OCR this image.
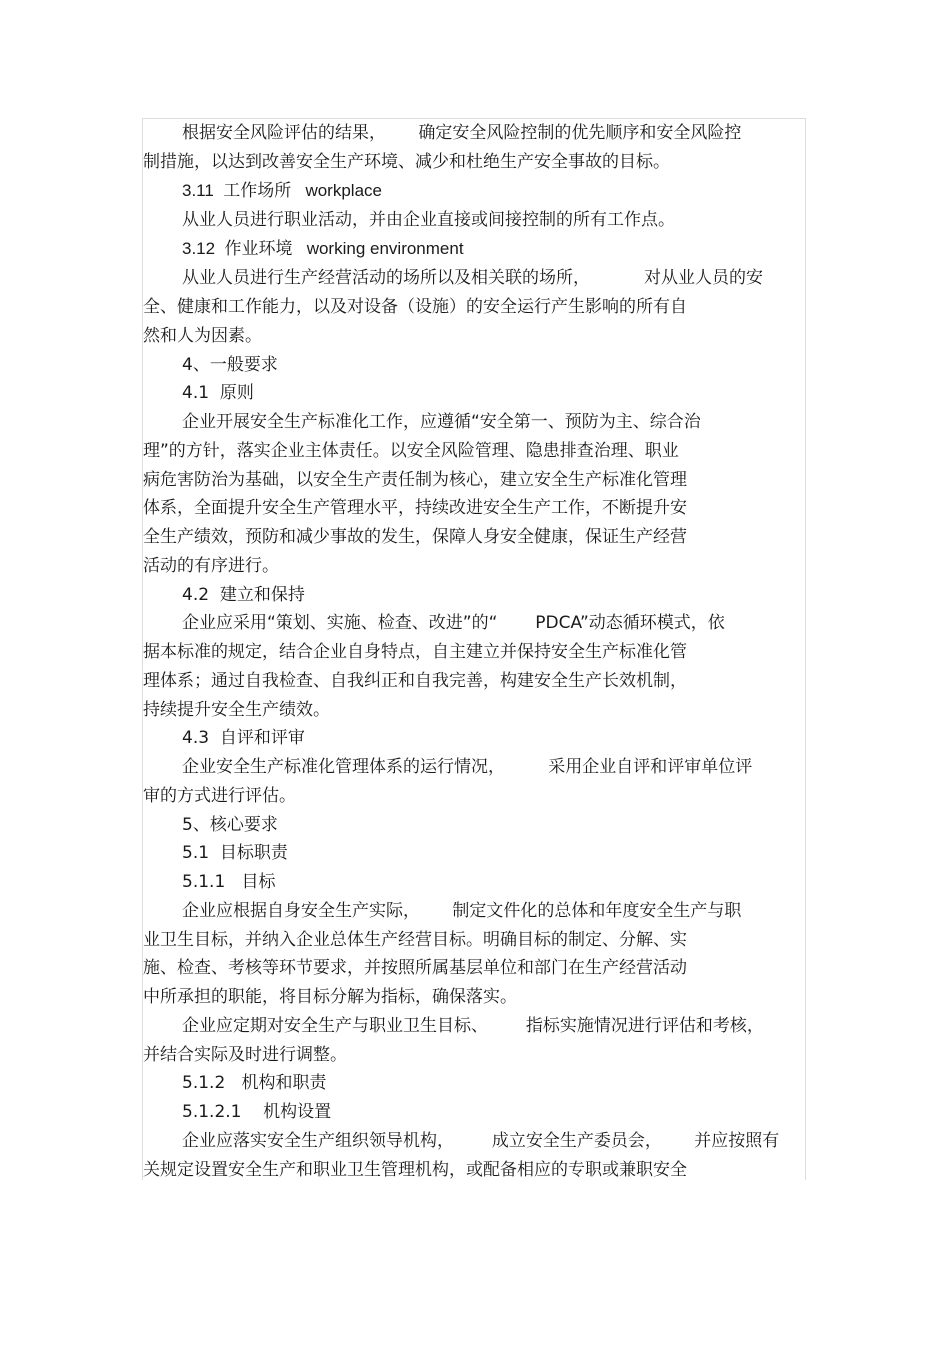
根据安全风险评估的结果，      确定安全风险控制的优先顺序和安全风险控
制措施，以达到改善安全生产环境、减少和杜绝生产安全事故的目标。
3.11  工作场所   workplace
从业人员进行职业活动，并由企业直接或间接控制的所有工作点。
3.12  作业环境   working environment
从业人员进行生产经营活动的场所以及相关联的场所，          对从业人员的安
全、健康和工作能力，以及对设备（设施）的安全运行产生影响的所有自
然和人为因素。
4、一般要求
4.1  原则
企业开展安全生产标准化工作，应遵循“安全第一、预防为主、综合治
理”的方针，落实企业主体责任。以安全风险管理、隐患排查治理、职业
病危害防治为基础，以安全生产责任制为核心，建立安全生产标准化管理
体系，全面提升安全生产管理水平，持续改进安全生产工作，不断提升安
全生产绩效，预防和减少事故的发生，保障人身安全健康，保证生产经营
活动的有序进行。
4.2  建立和保持
企业应采用“策划、实施、检查、改进”的“       PDCA”动态循环模式，依
据本标准的规定，结合企业自身特点，自主建立并保持安全生产标准化管
理体系；通过自我检查、自我纠正和自我完善，构建安全生产长效机制，
持续提升安全生产绩效。
4.3  自评和评审
企业安全生产标准化管理体系的运行情况，        采用企业自评和评审单位评
审的方式进行评估。
5、核心要求
5.1  目标职责
5.1.1   目标
企业应根据自身安全生产实际，      制定文件化的总体和年度安全生产与职
业卫生目标，并纳入企业总体生产经营目标。明确目标的制定、分解、实
施、检查、考核等环节要求，并按照所属基层单位和部门在生产经营活动
中所承担的职能，将目标分解为指标，确保落实。
企业应定期对安全生产与职业卫生目标、       指标实施情况进行评估和考核，
并结合实际及时进行调整。
5.1.2   机构和职责
5.1.2.1    机构设置
企业应落实安全生产组织领导机构，       成立安全生产委员会，      并应按照有
关规定设置安全生产和职业卫生管理机构，或配备相应的专职或兼职安全
